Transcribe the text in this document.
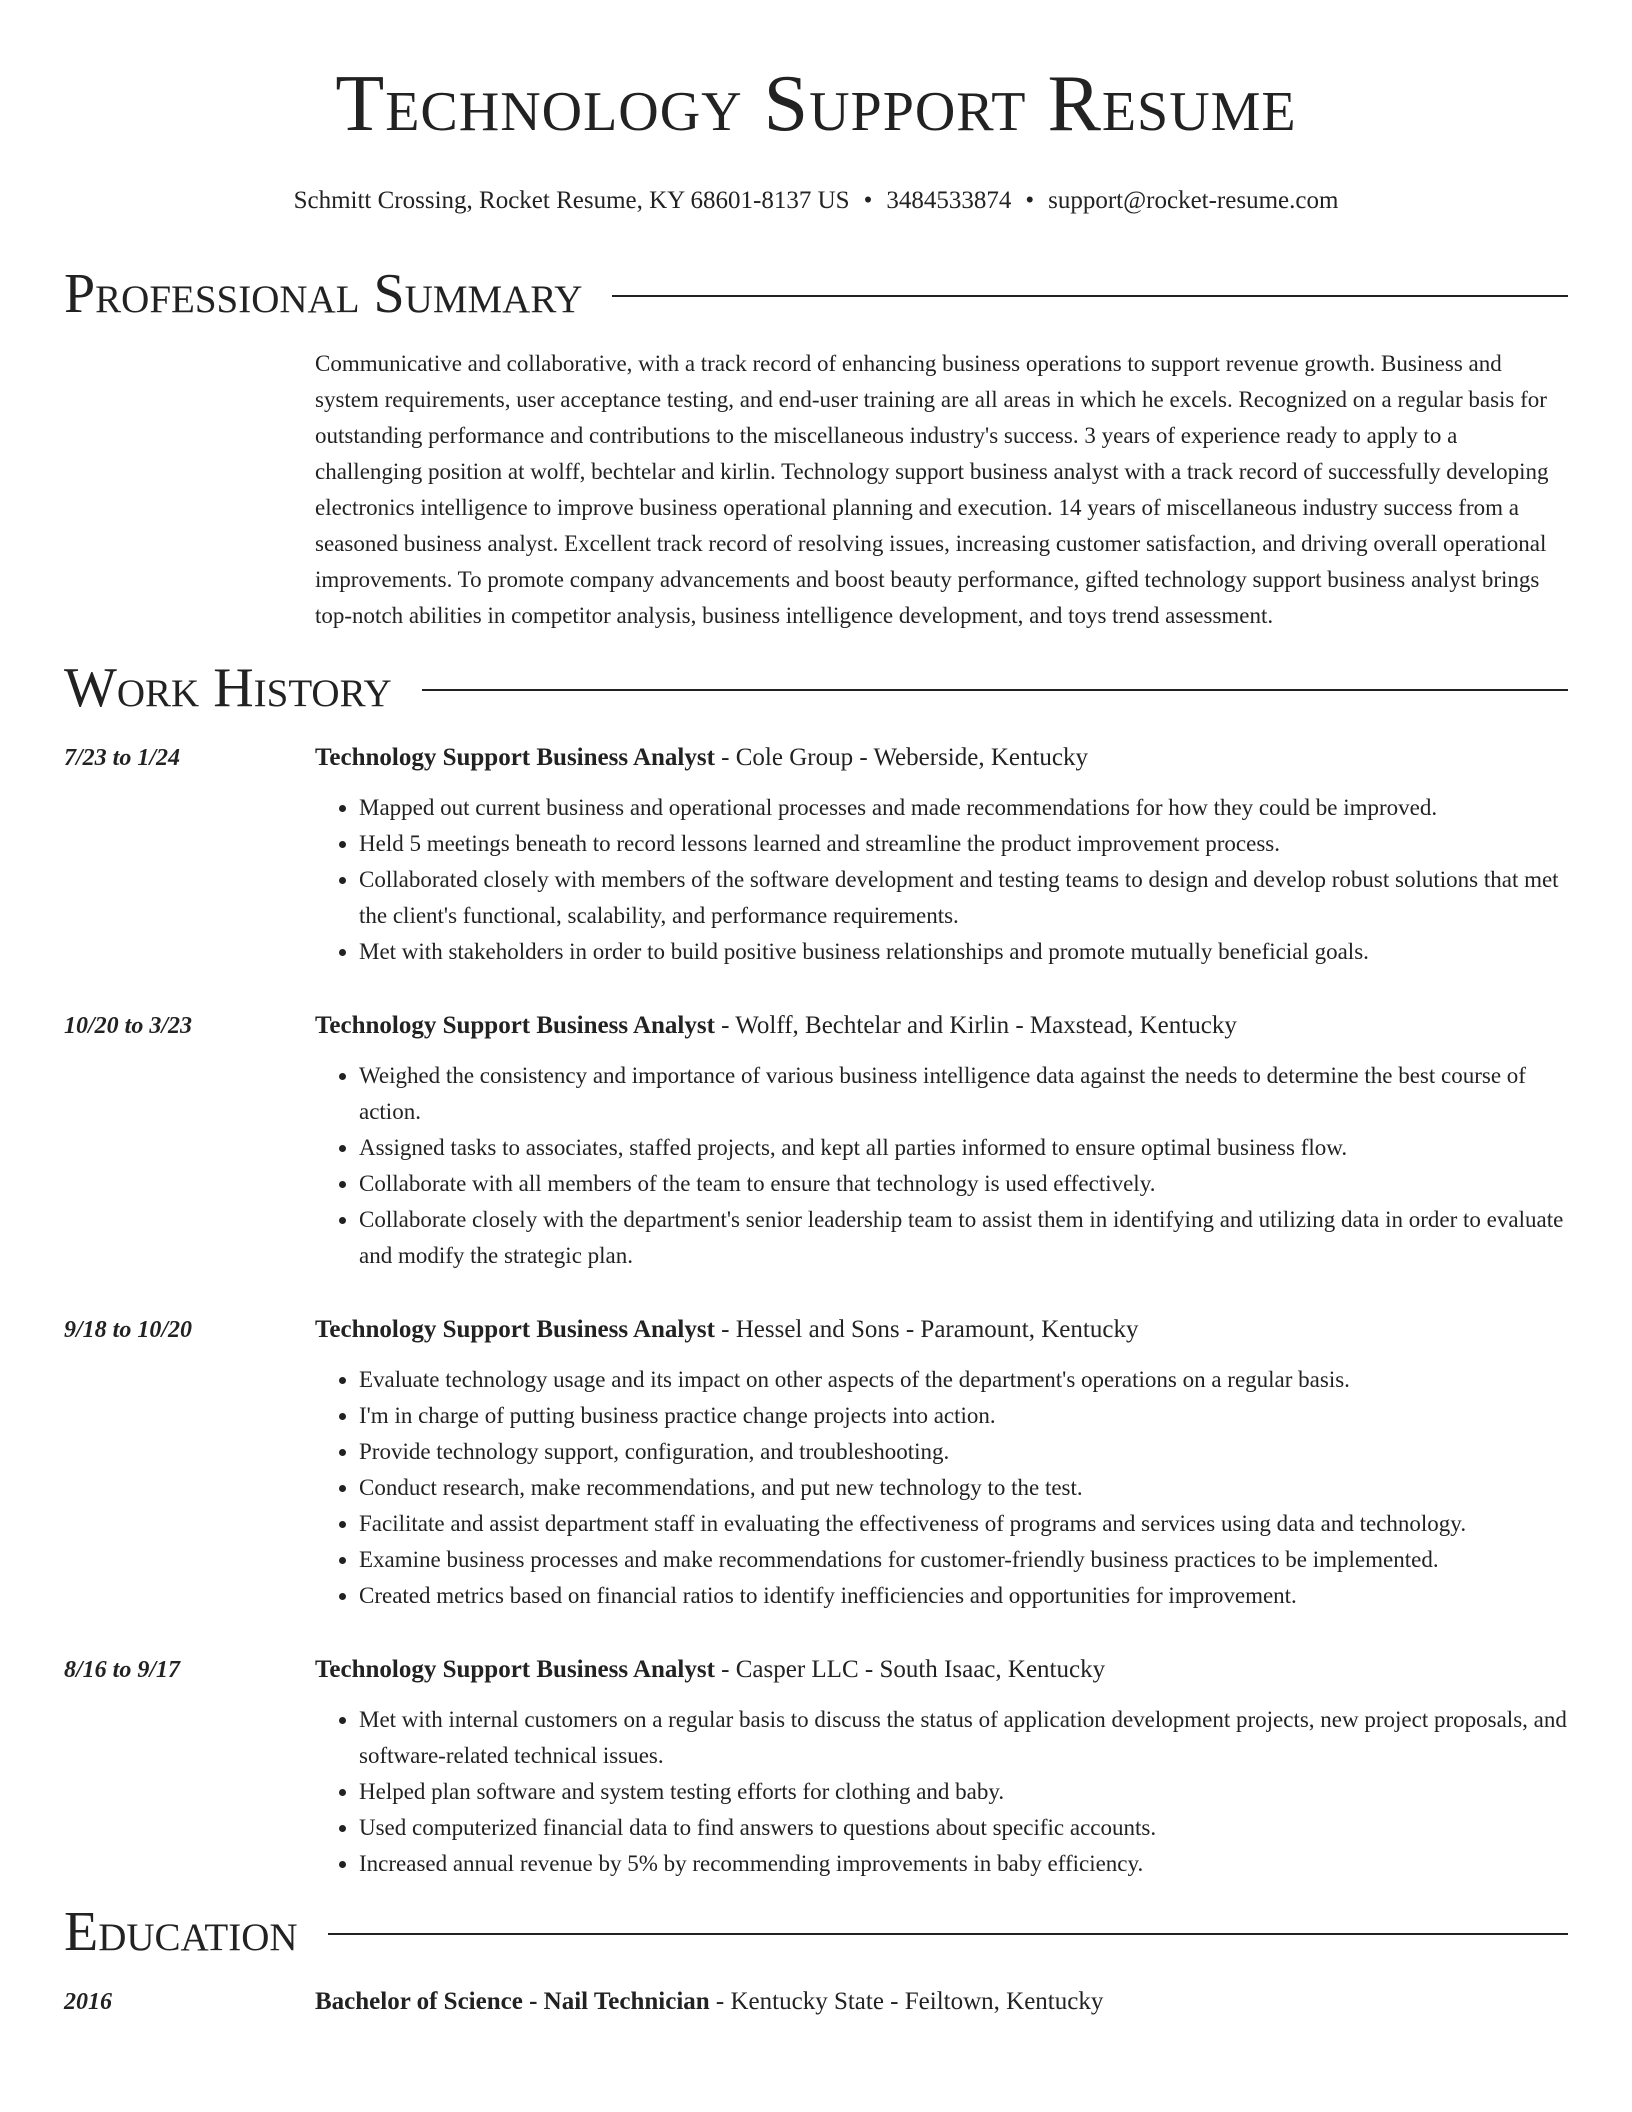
Technology Support Resume
Schmitt Crossing, Rocket Resume, KY 68601-8137 US • 3484533874 • support@rocket-resume.com
Professional Summary
Communicative and collaborative, with a track record of enhancing business operations to support revenue growth. Business and system requirements, user acceptance testing, and end-user training are all areas in which he excels. Recognized on a regular basis for outstanding performance and contributions to the miscellaneous industry's success. 3 years of experience ready to apply to a challenging position at wolff, bechtelar and kirlin. Technology support business analyst with a track record of successfully developing electronics intelligence to improve business operational planning and execution. 14 years of miscellaneous industry success from a seasoned business analyst. Excellent track record of resolving issues, increasing customer satisfaction, and driving overall operational improvements. To promote company advancements and boost beauty performance, gifted technology support business analyst brings top-notch abilities in competitor analysis, business intelligence development, and toys trend assessment.
Work History
7/23 to 1/24	Technology Support Business Analyst - Cole Group - Weberside, Kentucky
• Mapped out current business and operational processes and made recommendations for how they could be improved.
• Held 5 meetings beneath to record lessons learned and streamline the product improvement process.
• Collaborated closely with members of the software development and testing teams to design and develop robust solutions that met the client's functional, scalability, and performance requirements.
• Met with stakeholders in order to build positive business relationships and promote mutually beneficial goals.
10/20 to 3/23	Technology Support Business Analyst - Wolff, Bechtelar and Kirlin - Maxstead, Kentucky
• Weighed the consistency and importance of various business intelligence data against the needs to determine the best course of action.
• Assigned tasks to associates, staffed projects, and kept all parties informed to ensure optimal business flow.
• Collaborate with all members of the team to ensure that technology is used effectively.
• Collaborate closely with the department's senior leadership team to assist them in identifying and utilizing data in order to evaluate and modify the strategic plan.
9/18 to 10/20	Technology Support Business Analyst - Hessel and Sons - Paramount, Kentucky
• Evaluate technology usage and its impact on other aspects of the department's operations on a regular basis.
• I'm in charge of putting business practice change projects into action.
• Provide technology support, configuration, and troubleshooting.
• Conduct research, make recommendations, and put new technology to the test.
• Facilitate and assist department staff in evaluating the effectiveness of programs and services using data and technology.
• Examine business processes and make recommendations for customer-friendly business practices to be implemented.
• Created metrics based on financial ratios to identify inefficiencies and opportunities for improvement.
8/16 to 9/17	Technology Support Business Analyst - Casper LLC - South Isaac, Kentucky
• Met with internal customers on a regular basis to discuss the status of application development projects, new project proposals, and software-related technical issues.
• Helped plan software and system testing efforts for clothing and baby.
• Used computerized financial data to find answers to questions about specific accounts.
• Increased annual revenue by 5% by recommending improvements in baby efficiency.
Education
2016	Bachelor of Science - Nail Technician - Kentucky State - Feiltown, Kentucky
